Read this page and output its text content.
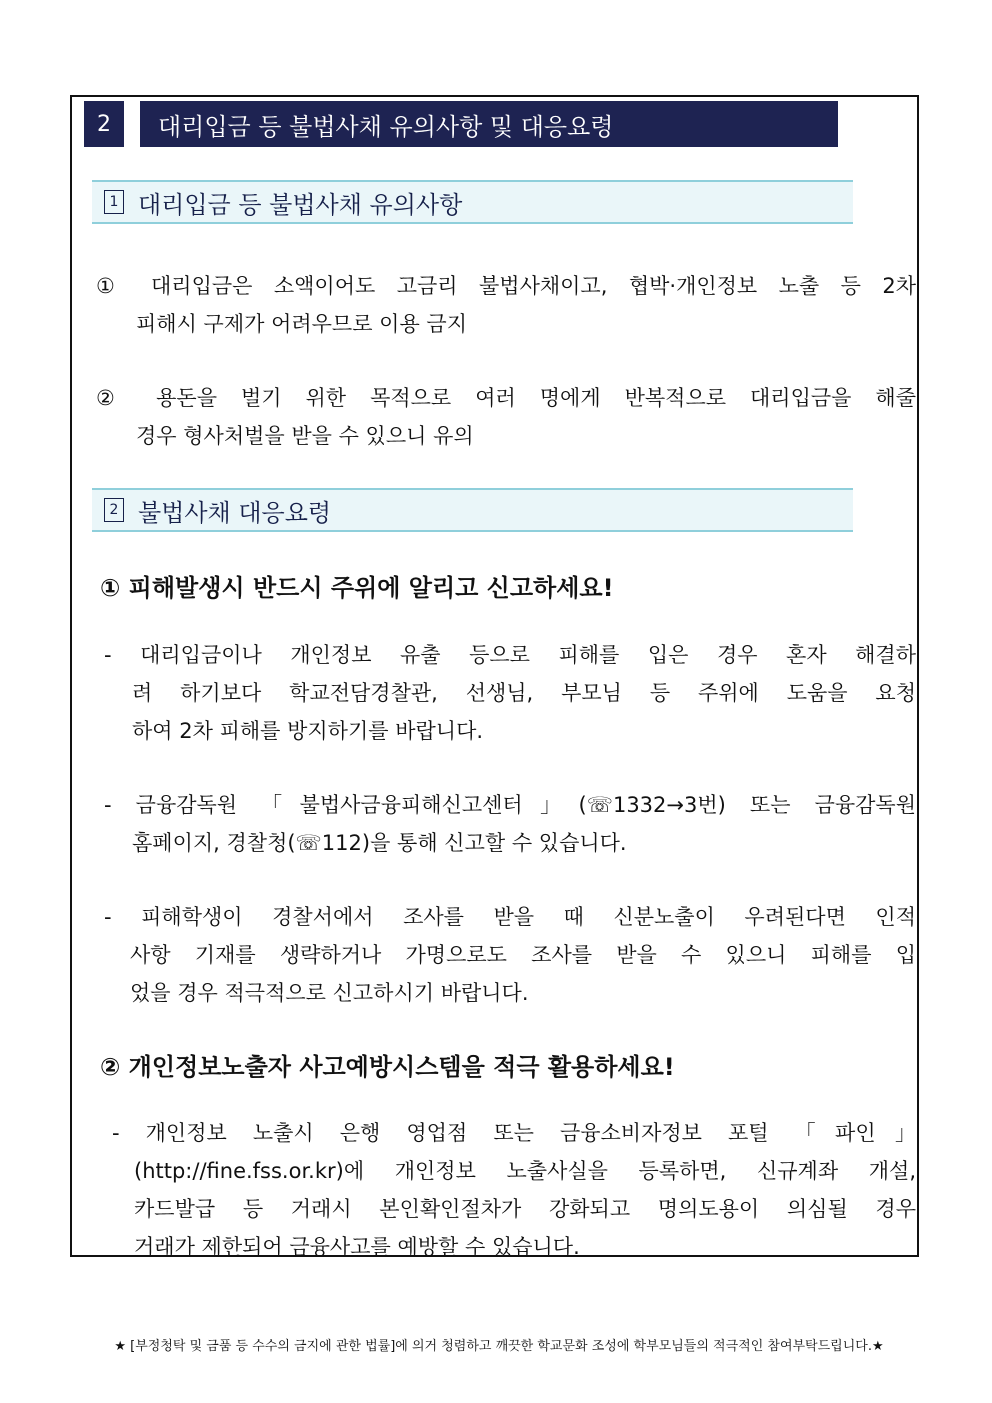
2	대리입금 등 불법사채 유의사항 및 대응요령
1 대리입금 등 불법사채 유의사항
① 대리입금은 소액이어도 고금리 불법사채이고, 협박·개인정보 노출 등 2차
피해시 구제가 어려우므로 이용 금지
② 용돈을 벌기 위한 목적으로 여러 명에게 반복적으로 대리입금을 해줄
경우 형사처벌을 받을 수 있으니 유의
2 불법사채 대응요령
① 피해발생시 반드시 주위에 알리고 신고하세요!
- 대리입금이나 개인정보 유출 등으로 피해를 입은 경우 혼자 해결하
려 하기보다 학교전담경찰관, 선생님, 부모님 등 주위에 도움을 요청
하여 2차 피해를 방지하기를 바랍니다.
- 금융감독원 「불법사금융피해신고센터」(☏1332→3번) 또는 금융감독원
홈페이지, 경찰청(☏112)을 통해 신고할 수 있습니다.
- 피해학생이 경찰서에서 조사를 받을 때 신분노출이 우려된다면 인적
사항 기재를 생략하거나 가명으로도 조사를 받을 수 있으니 피해를 입
었을 경우 적극적으로 신고하시기 바랍니다.
② 개인정보노출자 사고예방시스템을 적극 활용하세요!
- 개인정보 노출시 은행 영업점 또는 금융소비자정보 포털 「파인」
(http://fine.fss.or.kr)에 개인정보 노출사실을 등록하면, 신규계좌 개설,
카드발급 등 거래시 본인확인절차가 강화되고 명의도용이 의심될 경우
거래가 제한되어 금융사고를 예방할 수 있습니다.
★ [부정청탁 및 금품 등 수수의 금지에 관한 법률]에 의거 청렴하고 깨끗한 학교문화 조성에 학부모님들의 적극적인 참여부탁드립니다.★
